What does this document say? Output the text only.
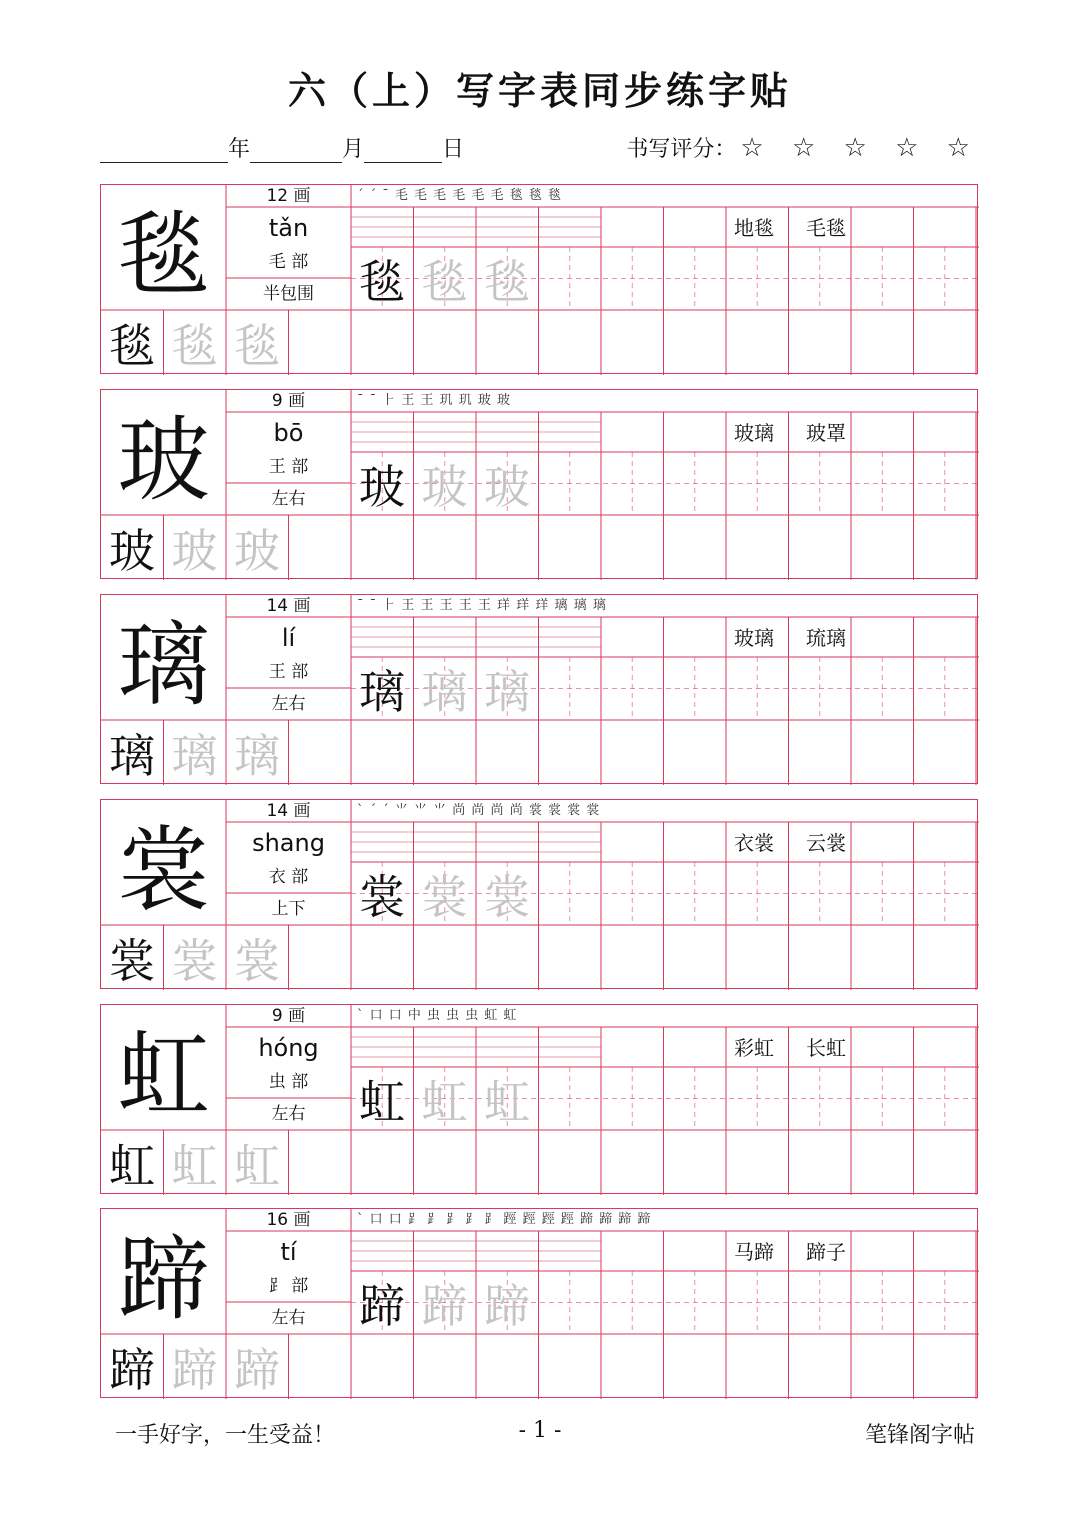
六（上）写字表同步练字贴
年	月	日	书写评分： ☆ ☆ ☆ ☆ ☆
毯
12 画
tǎn
毛 部
半包围
ˊ ˊ ˉ 毛 毛 毛 毛 毛 毛 毯 毯 毯
地毯 毛毯
毯 毯 毯
毯 毯 毯
玻
9 画
bō
王 部
左右
ˉ ˉ ⺊ 王 王 玑 玑 玻 玻
玻璃 玻罩
玻 玻 玻
玻 玻 玻
璃
14 画
lí
王 部
左右
ˉ ˉ ⺊ 王 王 王 王 王 珜 珜 珜 璃 璃 璃
玻璃 琉璃
璃 璃 璃
璃 璃 璃
裳
14 画
shang
衣 部
上下
ˋ ˊ ˊ ⺌ ⺌ ⺌ 尚 尚 尚 尚 裳 裳 裳 裳
衣裳 云裳
裳 裳 裳
裳 裳 裳
虹
9 画
hóng
虫 部
左右
ˋ 口 口 中 虫 虫 虫 虹 虹
彩虹 长虹
虹 虹 虹
虹 虹 虹
蹄
16 画
tí
⻊ 部
左右
ˋ 口 口 ⻊ ⻊ ⻊ ⻊ ⻊ 踁 踁 踁 踁 蹄 蹄 蹄 蹄
马蹄 蹄子
蹄 蹄 蹄
蹄 蹄 蹄
一手好字，一生受益！	- 1 -	笔锋阁字帖
